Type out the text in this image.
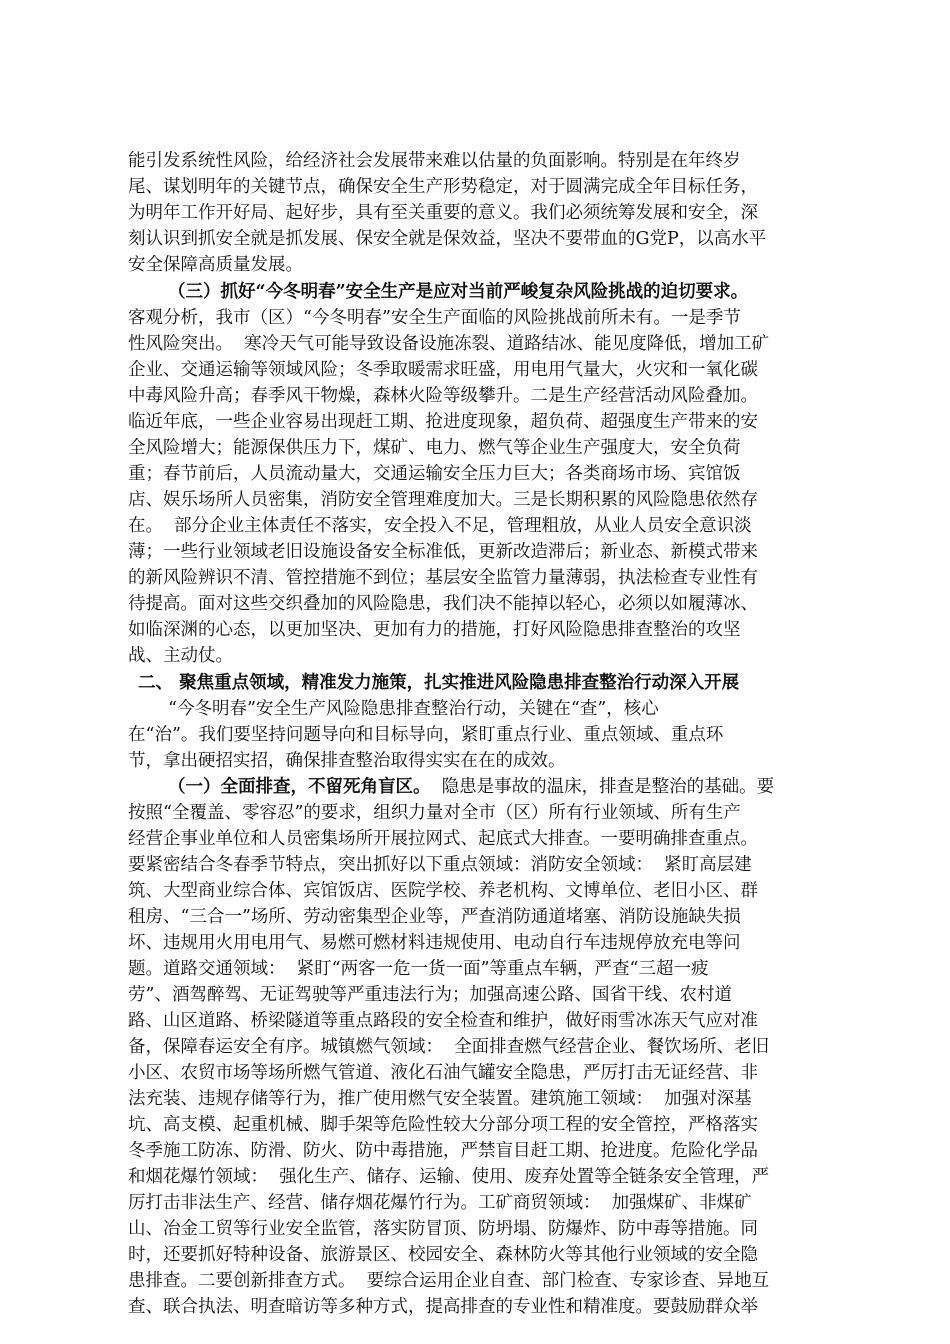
能引发系统性风险，给经济社会发展带来难以估量的负面影响。特别是在年终岁
尾、谋划明年的关键节点，确保安全生产形势稳定，对于圆满完成全年目标任务，
为明年工作开好局、起好步，具有至关重要的意义。我们必须统筹发展和安全，深
刻认识到抓安全就是抓发展、保安全就是保效益，坚决不要带血的G党P，以高水平
安全保障高质量发展。
（三）抓好“今冬明春”安全生产是应对当前严峻复杂风险挑战的迫切要求。
客观分析，我市（区）“今冬明春”安全生产面临的风险挑战前所未有。一是季节
性风险突出。  寒冷天气可能导致设备设施冻裂、道路结冰、能见度降低，增加工矿
企业、交通运输等领域风险；冬季取暖需求旺盛，用电用气量大，火灾和一氧化碳
中毒风险升高；春季风干物燥，森林火险等级攀升。二是生产经营活动风险叠加。
临近年底，一些企业容易出现赶工期、抢进度现象，超负荷、超强度生产带来的安
全风险增大；能源保供压力下，煤矿、电力、燃气等企业生产强度大，安全负荷
重；春节前后，人员流动量大，交通运输安全压力巨大；各类商场市场、宾馆饭
店、娱乐场所人员密集，消防安全管理难度加大。三是长期积累的风险隐患依然存
在。  部分企业主体责任不落实，安全投入不足，管理粗放，从业人员安全意识淡
薄；一些行业领域老旧设施设备安全标准低，更新改造滞后；新业态、新模式带来
的新风险辨识不清、管控措施不到位；基层安全监管力量薄弱，执法检查专业性有
待提高。面对这些交织叠加的风险隐患，我们决不能掉以轻心，必须以如履薄冰、
如临深渊的心态，以更加坚决、更加有力的措施，打好风险隐患排查整治的攻坚
战、主动仗。
二、 聚焦重点领域，精准发力施策，扎实推进风险隐患排查整治行动深入开展
“今冬明春”安全生产风险隐患排查整治行动，关键在“查”，核心
在“治”。我们要坚持问题导向和目标导向，紧盯重点行业、重点领域、重点环
节，拿出硬招实招，确保排查整治取得实实在在的成效。
（一）全面排查，不留死角盲区。  隐患是事故的温床，排查是整治的基础。要
按照“全覆盖、零容忍”的要求，组织力量对全市（区）所有行业领域、所有生产
经营企事业单位和人员密集场所开展拉网式、起底式大排查。一要明确排查重点。
要紧密结合冬春季节特点，突出抓好以下重点领域：消防安全领域：  紧盯高层建
筑、大型商业综合体、宾馆饭店、医院学校、养老机构、文博单位、老旧小区、群
租房、“三合一”场所、劳动密集型企业等，严查消防通道堵塞、消防设施缺失损
坏、违规用火用电用气、易燃可燃材料违规使用、电动自行车违规停放充电等问
题。道路交通领域：  紧盯“两客一危一货一面”等重点车辆，严查“三超一疲
劳”、酒驾醉驾、无证驾驶等严重违法行为；加强高速公路、国省干线、农村道
路、山区道路、桥梁隧道等重点路段的安全检查和维护，做好雨雪冰冻天气应对准
备，保障春运安全有序。城镇燃气领域：  全面排查燃气经营企业、餐饮场所、老旧
小区、农贸市场等场所燃气管道、液化石油气罐安全隐患，严厉打击无证经营、非
法充装、违规存储等行为，推广使用燃气安全装置。建筑施工领域：  加强对深基
坑、高支模、起重机械、脚手架等危险性较大分部分项工程的安全管控，严格落实
冬季施工防冻、防滑、防火、防中毒措施，严禁盲目赶工期、抢进度。危险化学品
和烟花爆竹领域：  强化生产、储存、运输、使用、废弃处置等全链条安全管理，严
厉打击非法生产、经营、储存烟花爆竹行为。工矿商贸领域：  加强煤矿、非煤矿
山、冶金工贸等行业安全监管，落实防冒顶、防坍塌、防爆炸、防中毒等措施。同
时，还要抓好特种设备、旅游景区、校园安全、森林防火等其他行业领域的安全隐
患排查。二要创新排查方式。  要综合运用企业自查、部门检查、专家诊查、异地互
查、联合执法、明查暗访等多种方式，提高排查的专业性和精准度。要鼓励群众举
